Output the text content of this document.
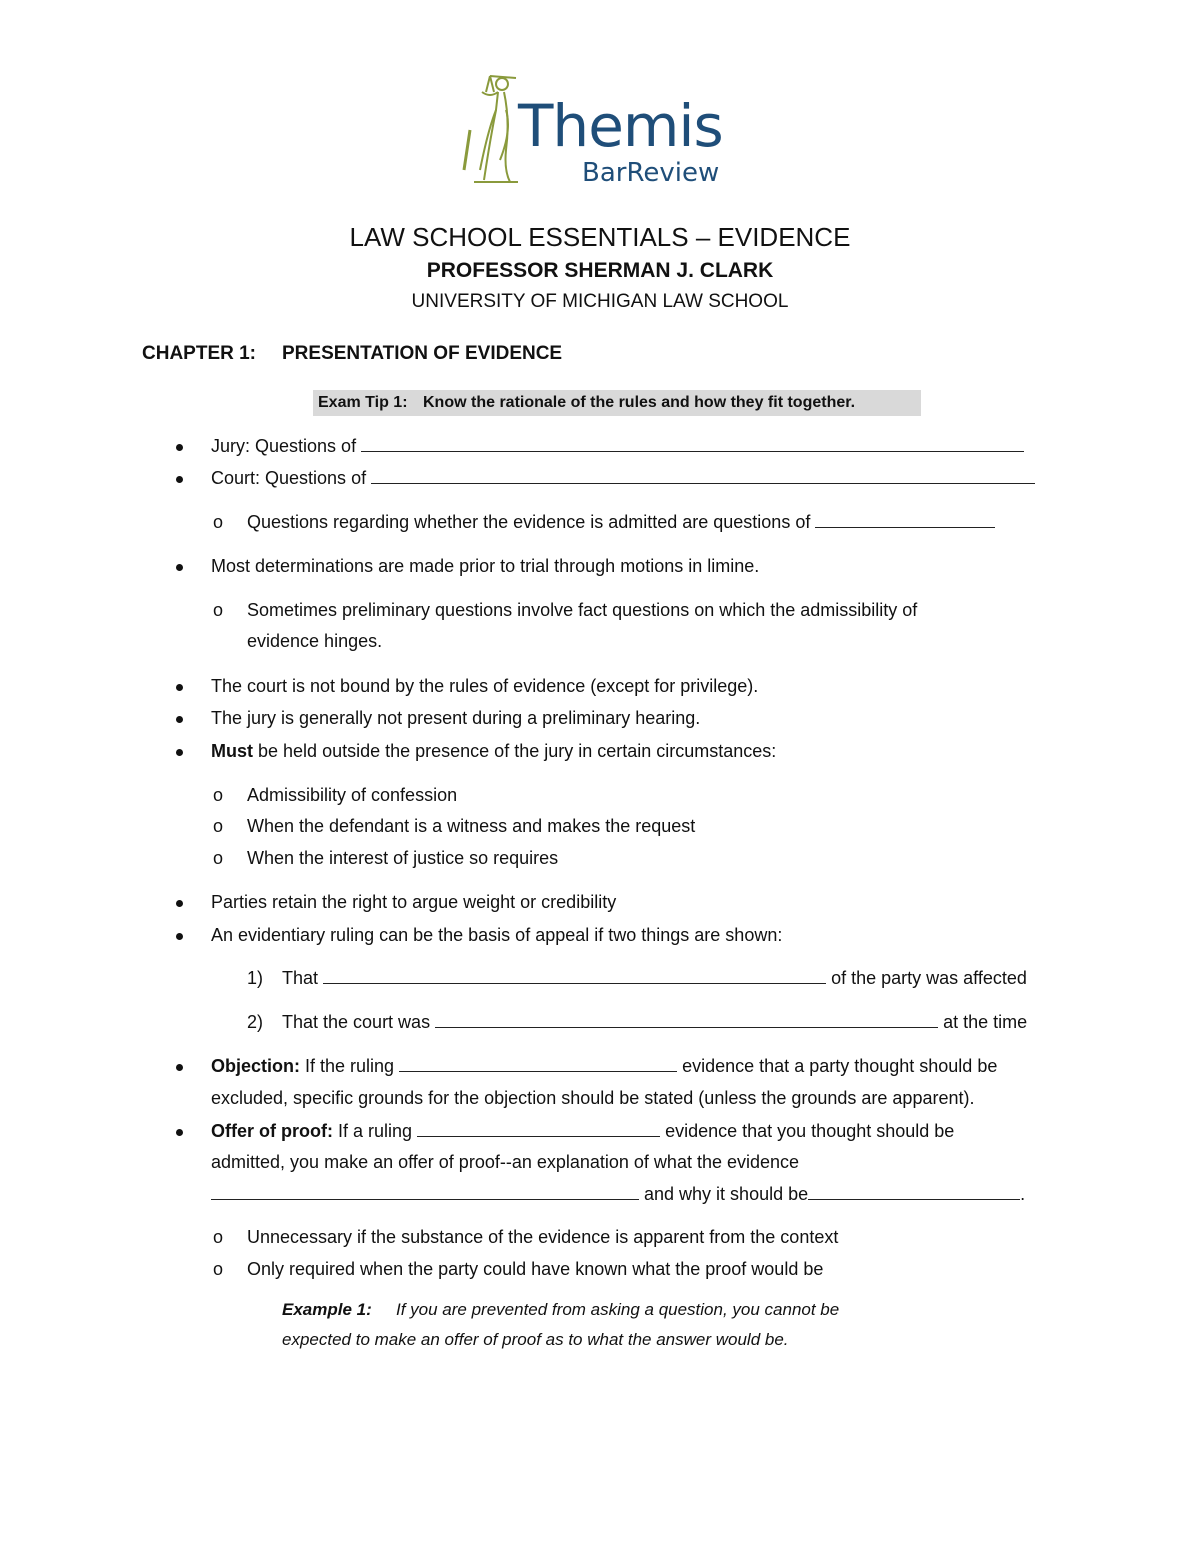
Themis
BarReview
LAW SCHOOL ESSENTIALS – EVIDENCE
PROFESSOR SHERMAN J. CLARK
UNIVERSITY OF MICHIGAN LAW SCHOOL
CHAPTER 1: PRESENTATION OF EVIDENCE
Exam Tip 1: Know the rationale of the rules and how they fit together.
Jury: Questions of
Court: Questions of
o Questions regarding whether the evidence is admitted are questions of
Most determinations are made prior to trial through motions in limine.
o Sometimes preliminary questions involve fact questions on which the admissibility of
evidence hinges.
The court is not bound by the rules of evidence (except for privilege).
The jury is generally not present during a preliminary hearing.
Must be held outside the presence of the jury in certain circumstances:
o Admissibility of confession
o When the defendant is a witness and makes the request
o When the interest of justice so requires
Parties retain the right to argue weight or credibility
An evidentiary ruling can be the basis of appeal if two things are shown:
1) That	of the party was affected
2) That the court was	at the time
Objection: If the ruling	evidence that a party thought should be
excluded, specific grounds for the objection should be stated (unless the grounds are apparent).
Offer of proof: If a ruling	evidence that you thought should be
admitted, you make an offer of proof--an explanation of what the evidence
and why it should be	.
o Unnecessary if the substance of the evidence is apparent from the context
o Only required when the party could have known what the proof would be
Example 1: If you are prevented from asking a question, you cannot be
expected to make an offer of proof as to what the answer would be.
